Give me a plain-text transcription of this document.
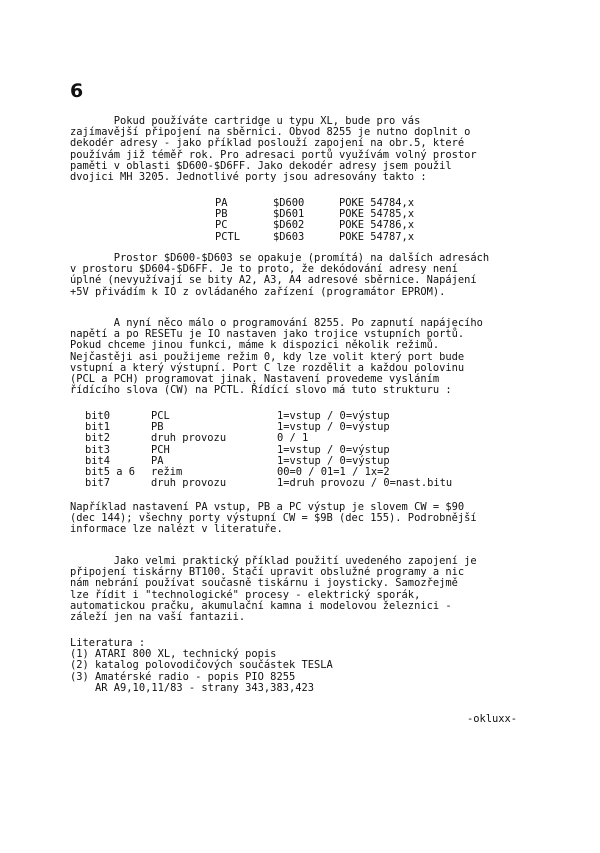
6
Pokud používáte cartridge u typu XL, bude pro vás
zajímavější připojení na sběrnici. Obvod 8255 je nutno doplnit o
dekodér adresy - jako příklad poslouží zapojení na obr.5, které
používám již téměř rok. Pro adresaci portů využívám volný prostor
paměti v oblasti $D600-$D6FF. Jako dekodér adresy jsem použil
dvojici MH 3205. Jednotlivé porty jsou adresovány takto :
PA	$D600	POKE 54784,x
PB	$D601	POKE 54785,x
PC	$D602	POKE 54786,x
PCTL	$D603	POKE 54787,x
Prostor $D600-$D603 se opakuje (promítá) na dalších adresách
v prostoru $D604-$D6FF. Je to proto, že dekódování adresy není
úplné (nevyužívají se bity A2, A3, A4 adresové sběrnice. Napájení
+5V přivádím k IO z ovládaného zařízení (programátor EPROM).
A nyní něco málo o programování 8255. Po zapnutí napájecího
napětí a po RESETu je IO nastaven jako trojice vstupních portů.
Pokud chceme jinou funkci, máme k dispozici několik režimů.
Nejčastěji asi použijeme režim 0, kdy lze volit který port bude
vstupní a který výstupní. Port C lze rozdělit a každou polovinu
(PCL a PCH) programovat jinak. Nastavení provedeme vysláním
řídícího slova (CW) na PCTL. Řídící slovo má tuto strukturu :
bit0	PCL	1=vstup / 0=výstup
bit1	PB	1=vstup / 0=výstup
bit2	druh provozu	0 / 1
bit3	PCH	1=vstup / 0=výstup
bit4	PA	1=vstup / 0=výstup
bit5 a 6	režim	00=0 / 01=1 / 1x=2
bit7	druh provozu	1=druh provozu / 0=nast.bitu
Například nastavení PA vstup, PB a PC výstup je slovem CW = $90
(dec 144); všechny porty výstupní CW = $9B (dec 155). Podrobnější
informace lze nalézt v literatuře.
Jako velmi praktický příklad použití uvedeného zapojení je
připojení tiskárny BT100. Stačí upravit obslužné programy a nic
nám nebrání používat současně tiskárnu i joysticky. Samozřejmě
lze řídit i "technologické" procesy - elektrický sporák,
automatickou pračku, akumulační kamna i modelovou železnici -
záleží jen na vaší fantazii.
Literatura :
(1) ATARI 800 XL, technický popis
(2) katalog polovodičových součástek TESLA
(3) Amatérské radio - popis PIO 8255
AR A9,10,11/83 - strany 343,383,423
-okluxx-
